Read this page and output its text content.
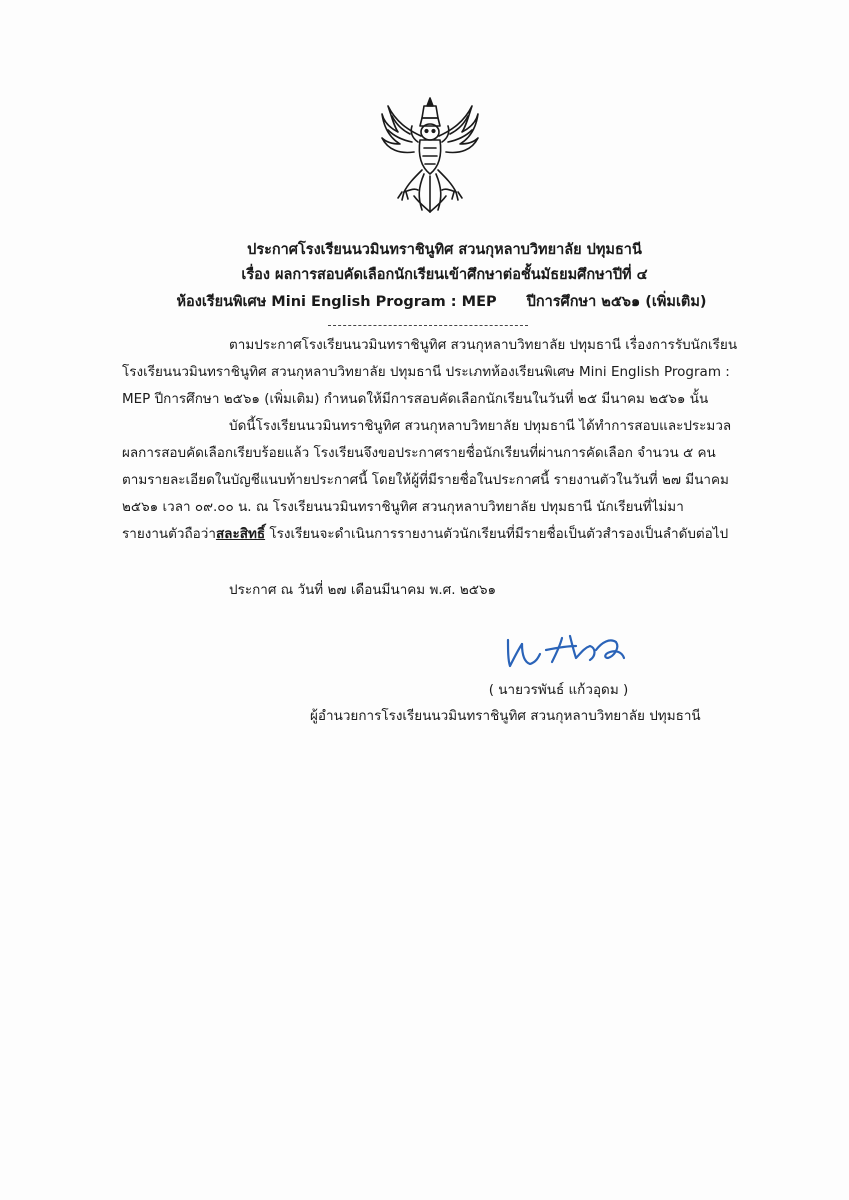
ประกาศโรงเรียนนวมินทราชินูทิศ สวนกุหลาบวิทยาลัย ปทุมธานี
เรื่อง ผลการสอบคัดเลือกนักเรียนเข้าศึกษาต่อชั้นมัธยมศึกษาปีที่ ๔
ห้องเรียนพิเศษ Mini English Program : MEP ปีการศึกษา ๒๕๖๑ (เพิ่มเติม)
ตามประกาศโรงเรียนนวมินทราชินูทิศ สวนกุหลาบวิทยาลัย ปทุมธานี เรื่องการรับนักเรียน
โรงเรียนนวมินทราชินูทิศ สวนกุหลาบวิทยาลัย ปทุมธานี ประเภทห้องเรียนพิเศษ Mini English Program :
MEP ปีการศึกษา ๒๕๖๑ (เพิ่มเติม) กำหนดให้มีการสอบคัดเลือกนักเรียนในวันที่ ๒๕ มีนาคม ๒๕๖๑ นั้น
บัดนี้โรงเรียนนวมินทราชินูทิศ สวนกุหลาบวิทยาลัย ปทุมธานี ได้ทำการสอบและประมวล
ผลการสอบคัดเลือกเรียบร้อยแล้ว โรงเรียนจึงขอประกาศรายชื่อนักเรียนที่ผ่านการคัดเลือก จำนวน ๕ คน
ตามรายละเอียดในบัญชีแนบท้ายประกาศนี้ โดยให้ผู้ที่มีรายชื่อในประกาศนี้ รายงานตัวในวันที่ ๒๗ มีนาคม
๒๕๖๑ เวลา ๐๙.๐๐ น. ณ โรงเรียนนวมินทราชินูทิศ สวนกุหลาบวิทยาลัย ปทุมธานี นักเรียนที่ไม่มา
รายงานตัวถือว่าสละสิทธิ์ โรงเรียนจะดำเนินการรายงานตัวนักเรียนที่มีรายชื่อเป็นตัวสำรองเป็นลำดับต่อไป
ประกาศ ณ วันที่ ๒๗ เดือนมีนาคม พ.ศ. ๒๕๖๑
( นายวรพันธ์ แก้วอุดม )
ผู้อำนวยการโรงเรียนนวมินทราชินูทิศ สวนกุหลาบวิทยาลัย ปทุมธานี
